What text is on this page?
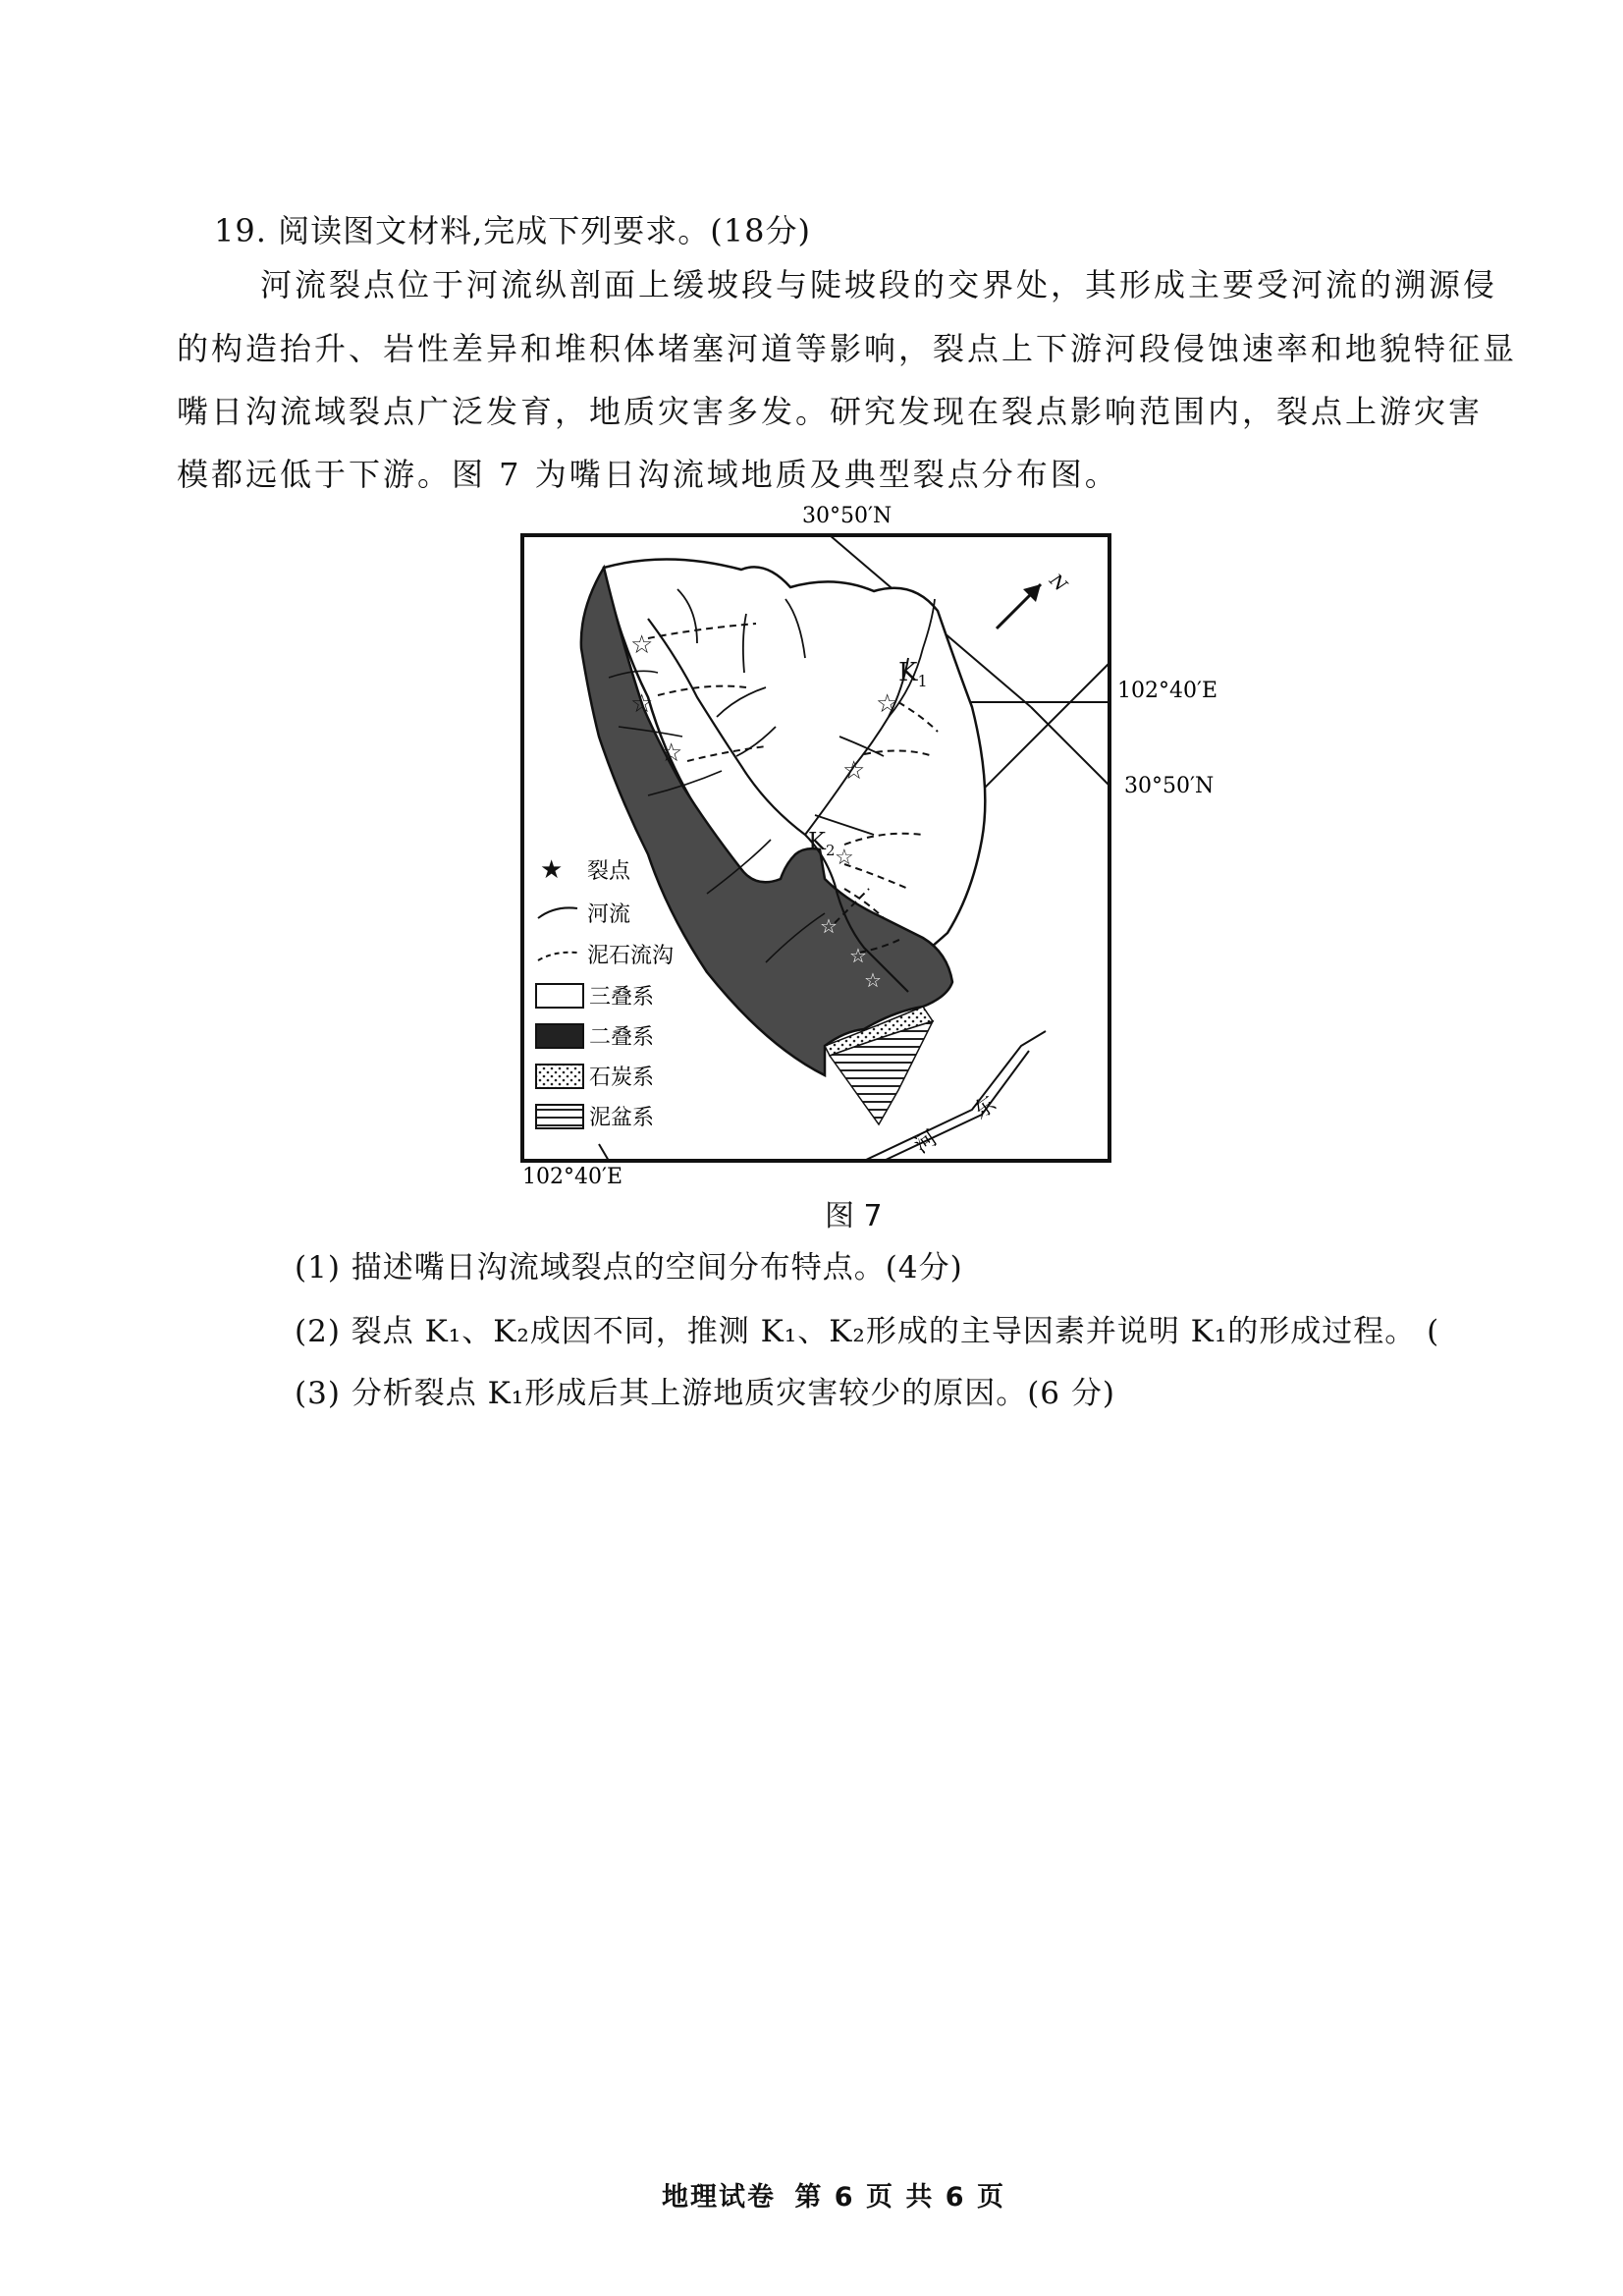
19. 阅读图文材料,完成下列要求。(18分)
河流裂点位于河流纵剖面上缓坡段与陡坡段的交界处，其形成主要受河流的溯源侵
的构造抬升、岩性差异和堆积体堵塞河道等影响，裂点上下游河段侵蚀速率和地貌特征显
嘴日沟流域裂点广泛发育，地质灾害多发。研究发现在裂点影响范围内，裂点上游灾害
模都远低于下游。图 7 为嘴日沟流域地质及典型裂点分布图。
30°50′N
102°40′E
30°50′N
102°40′E
河
东
☆
☆
☆
☆
☆
☆
☆
☆
☆
$K_1$
$K_2$
N
★ 裂点
河流
泥石流沟
三叠系
二叠系
石炭系
泥盆系
图 7
(1) 描述嘴日沟流域裂点的空间分布特点。(4分)
(2) 裂点 K₁、K₂成因不同，推测 K₁、K₂形成的主导因素并说明 K₁的形成过程。 (
(3) 分析裂点 K₁形成后其上游地质灾害较少的原因。(6 分)
地理试卷 第 6 页 共 6 页
